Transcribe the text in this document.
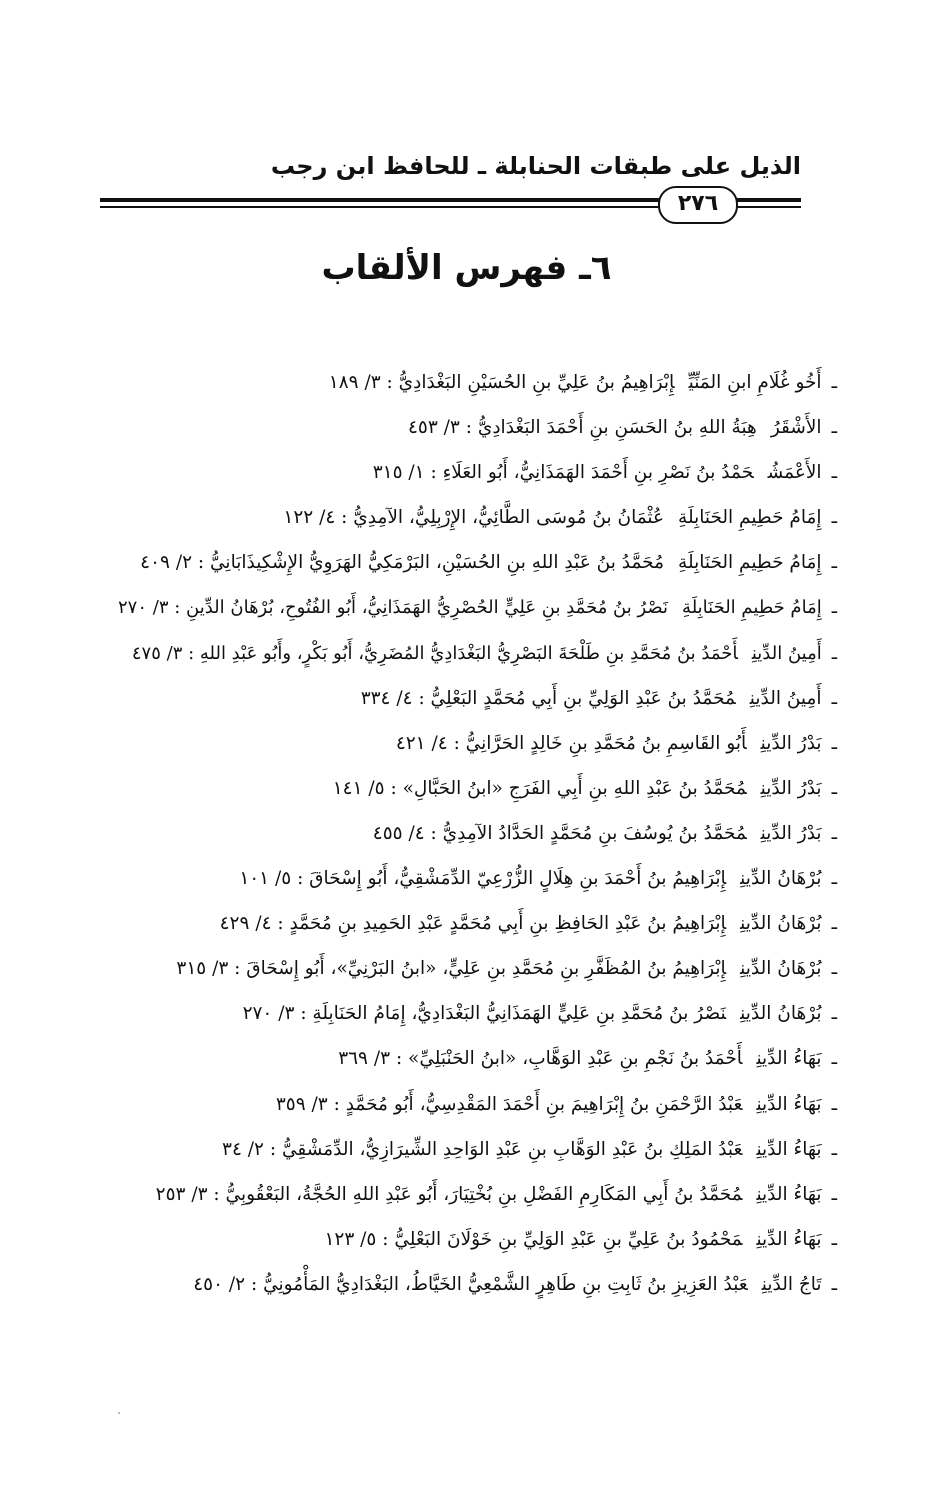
الذيل على طبقات الحنابلة ـ للحافظ ابن رجب
٢٧٦
٦ـ فهرس الألقاب
ـأَخُو غُلَامِ ابنِ المَنِّيِّإِبْرَاهِيمُ بنُ عَلِيِّ بنِ الحُسَيْنِ البَغْدَادِيُّ : ٣/ ١٨٩
ـالأَشْقَرُهِبَةُ اللهِ بنُ الحَسَنِ بنِ أَحْمَدَ البَغْدَادِيُّ : ٣/ ٤٥٣
ـالأَعْمَشُحَمْدُ بنُ نَصْرِ بنِ أَحْمَدَ الهَمَذَانِيُّ، أَبُو العَلَاءِ : ١/ ٣١٥
ـإِمَامُ حَطِيمِ الحَنَابِلَةِعُثْمَانُ بنُ مُوسَى الطَّائِيُّ، الإِرْبِلِيُّ، الآمِدِيُّ : ٤/ ١٢٢
ـإِمَامُ حَطِيمِ الحَنَابِلَةِمُحَمَّدُ بنُ عَبْدِ اللهِ بنِ الحُسَيْنِ، البَرْمَكِيُّ الهَرَوِيُّ الإِشْكِيذَابَانِيُّ : ٢/ ٤٠٩
ـإِمَامُ حَطِيمِ الحَنَابِلَةِنَصْرُ بنُ مُحَمَّدِ بنِ عَلِيٍّ الحُصْرِيُّ الهَمَذَانِيُّ، أَبُو الفُتُوحِ، بُرْهَانُ الدِّينِ : ٣/ ٢٧٠
ـأَمِينُ الدِّينِأَحْمَدُ بنُ مُحَمَّدِ بنِ طَلْحَةَ البَصْرِيُّ البَغْدَادِيُّ المُضَرِيُّ، أَبُو بَكْرٍ، وأَبُو عَبْدِ اللهِ : ٣/ ٤٧٥
ـأَمِينُ الدِّينِمُحَمَّدُ بنُ عَبْدِ الوَلِيِّ بنِ أَبِي مُحَمَّدٍ البَعْلِيُّ : ٤/ ٣٣٤
ـبَدْرُ الدِّينِأَبُو القَاسِمِ بنُ مُحَمَّدِ بنِ خَالِدٍ الحَرَّانِيُّ : ٤/ ٤٢١
ـبَدْرُ الدِّينِمُحَمَّدُ بنُ عَبْدِ اللهِ بنِ أَبِي الفَرَجِ «ابنُ الحَبَّالِ» : ٥/ ١٤١
ـبَدْرُ الدِّينِمُحَمَّدُ بنُ يُوسُفَ بنِ مُحَمَّدٍ الحَدَّادُ الآمِدِيُّ : ٤/ ٤٥٥
ـبُرْهَانُ الدِّينِإِبْرَاهِيمُ بنُ أَحْمَدَ بنِ هِلَالٍ الزُّرْعِيّ الدِّمَشْقِيُّ، أَبُو إِسْحَاقَ : ٥/ ١٠١
ـبُرْهَانُ الدِّينِإِبْرَاهِيمُ بنُ عَبْدِ الحَافِظِ بنِ أَبِي مُحَمَّدٍ عَبْدِ الحَمِيدِ بنِ مُحَمَّدٍ : ٤/ ٤٢٩
ـبُرْهَانُ الدِّينِإِبْرَاهِيمُ بنُ المُظَفَّرِ بنِ مُحَمَّدِ بنِ عَلِيٍّ، «ابنُ البَرْنِيِّ»، أَبُو إِسْحَاقَ : ٣/ ٣١٥
ـبُرْهَانُ الدِّينِنَصْرُ بنُ مُحَمَّدِ بنِ عَلِيٍّ الهَمَذَانِيُّ البَغْدَادِيُّ، إِمَامُ الحَنَابِلَةِ : ٣/ ٢٧٠
ـبَهَاءُ الدِّينِأَحْمَدُ بنُ نَجْمِ بنِ عَبْدِ الوَهَّابِ، «ابنُ الحَنْبَلِيِّ» : ٣/ ٣٦٩
ـبَهَاءُ الدِّينِعَبْدُ الرَّحْمَنِ بنُ إِبْرَاهِيمَ بنِ أَحْمَدَ المَقْدِسِيُّ، أَبُو مُحَمَّدٍ : ٣/ ٣٥٩
ـبَهَاءُ الدِّينِعَبْدُ المَلِكِ بنُ عَبْدِ الوَهَّابِ بنِ عَبْدِ الوَاحِدِ الشِّيرَازِيُّ، الدِّمَشْقِيُّ : ٢/ ٣٤
ـبَهَاءُ الدِّينِمُحَمَّدُ بنُ أَبِي المَكَارِمِ الفَضْلِ بنِ بُخْتِيَارَ، أَبُو عَبْدِ اللهِ الحُجَّةُ، البَعْقُوبِيُّ : ٣/ ٢٥٣
ـبَهَاءُ الدِّينِمَحْمُودُ بنُ عَلِيِّ بنِ عَبْدِ الوَلِيِّ بنِ خَوْلَانَ البَعْلِيُّ : ٥/ ١٢٣
ـتَاجُ الدِّينِعَبْدُ العَزِيزِ بنُ ثَابِتِ بنِ طَاهِرٍ الشَّمْعِيُّ الخَيَّاطُ، البَغْدَادِيُّ المَأْمُونِيُّ : ٢/ ٤٥٠
